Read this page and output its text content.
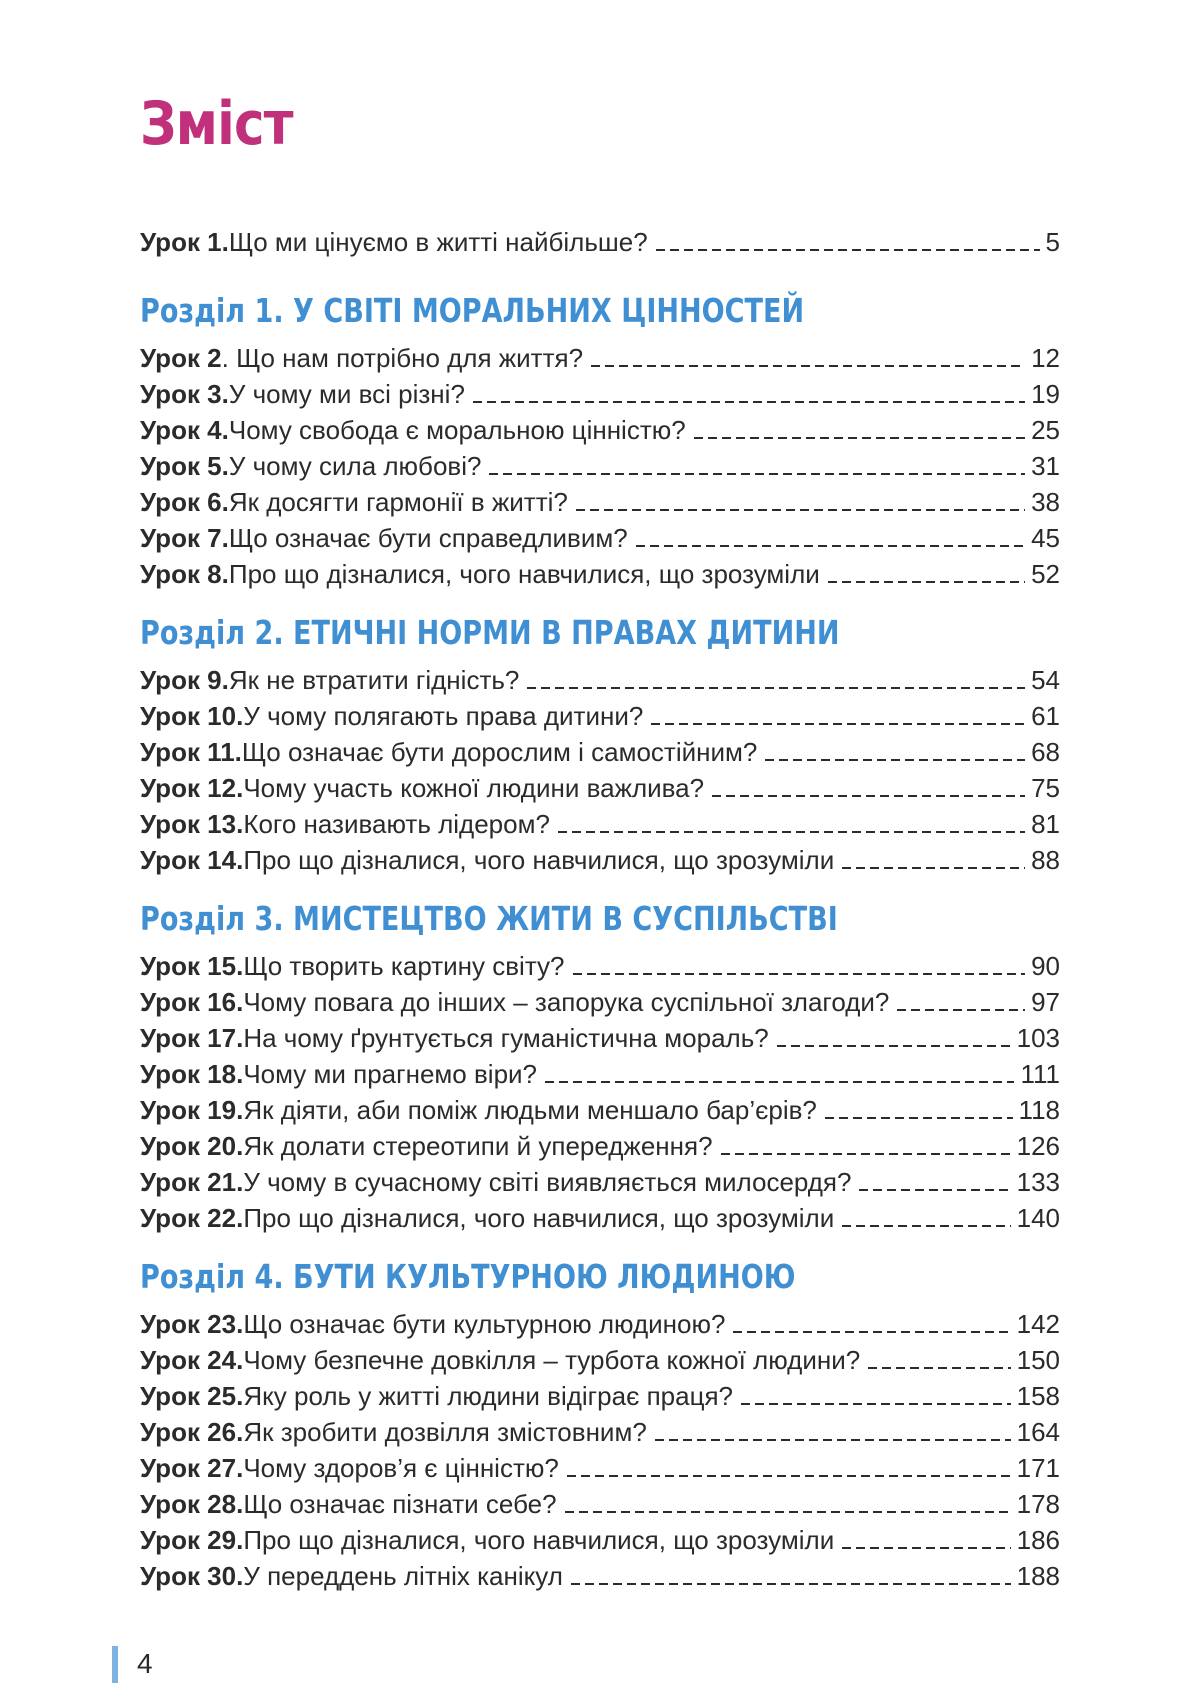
Зміст
Урок 1. Що ми цінуємо в житті найбільше?	5
Розділ 1. У СВІТІ МОРАЛЬНИХ ЦІННОСТЕЙ
Урок 2 . Що нам потрібно для життя?	12
Урок 3. У чому ми всі різні?	19
Урок 4. Чому свобода є моральною цінністю?	25
Урок 5. У чому сила любові?	31
Урок 6. Як досягти гармонії в житті?	38
Урок 7. Що означає бути справедливим?	45
Урок 8. Про що дізналися, чого навчилися, що зрозуміли	52
Розділ 2. ЕТИЧНІ НОРМИ В ПРАВАХ ДИТИНИ
Урок 9. Як не втратити гідність?	54
Урок 10. У чому полягають права дитини?	61
Урок 11. Що означає бути дорослим і самостійним?	68
Урок 12. Чому участь кожної людини важлива?	75
Урок 13. Кого називають лідером?	81
Урок 14. Про що дізналися, чого навчилися, що зрозуміли	88
Розділ 3. МИСТЕЦТВО ЖИТИ В СУСПІЛЬСТВІ
Урок 15. Що творить картину світу?	90
Урок 16. Чому повага до інших – запорука суспільної злагоди?	97
Урок 17. На чому ґрунтується гуманістична мораль?	103
Урок 18. Чому ми прагнемо віри?	111
Урок 19. Як діяти, аби поміж людьми меншало бар’єрів?	118
Урок 20. Як долати стереотипи й упередження?	126
Урок 21. У чому в сучасному світі виявляється милосердя?	133
Урок 22. Про що дізналися, чого навчилися, що зрозуміли	140
Розділ 4. БУТИ КУЛЬТУРНОЮ ЛЮДИНОЮ
Урок 23. Що означає бути культурною людиною?	142
Урок 24. Чому безпечне довкілля – турбота кожної людини?	150
Урок 25. Яку роль у житті людини відіграє праця?	158
Урок 26. Як зробити дозвілля змістовним?	164
Урок 27. Чому здоров’я є цінністю?	171
Урок 28. Що означає пізнати себе?	178
Урок 29. Про що дізналися, чого навчилися, що зрозуміли	186
Урок 30. У переддень літніх канікул	188
4
